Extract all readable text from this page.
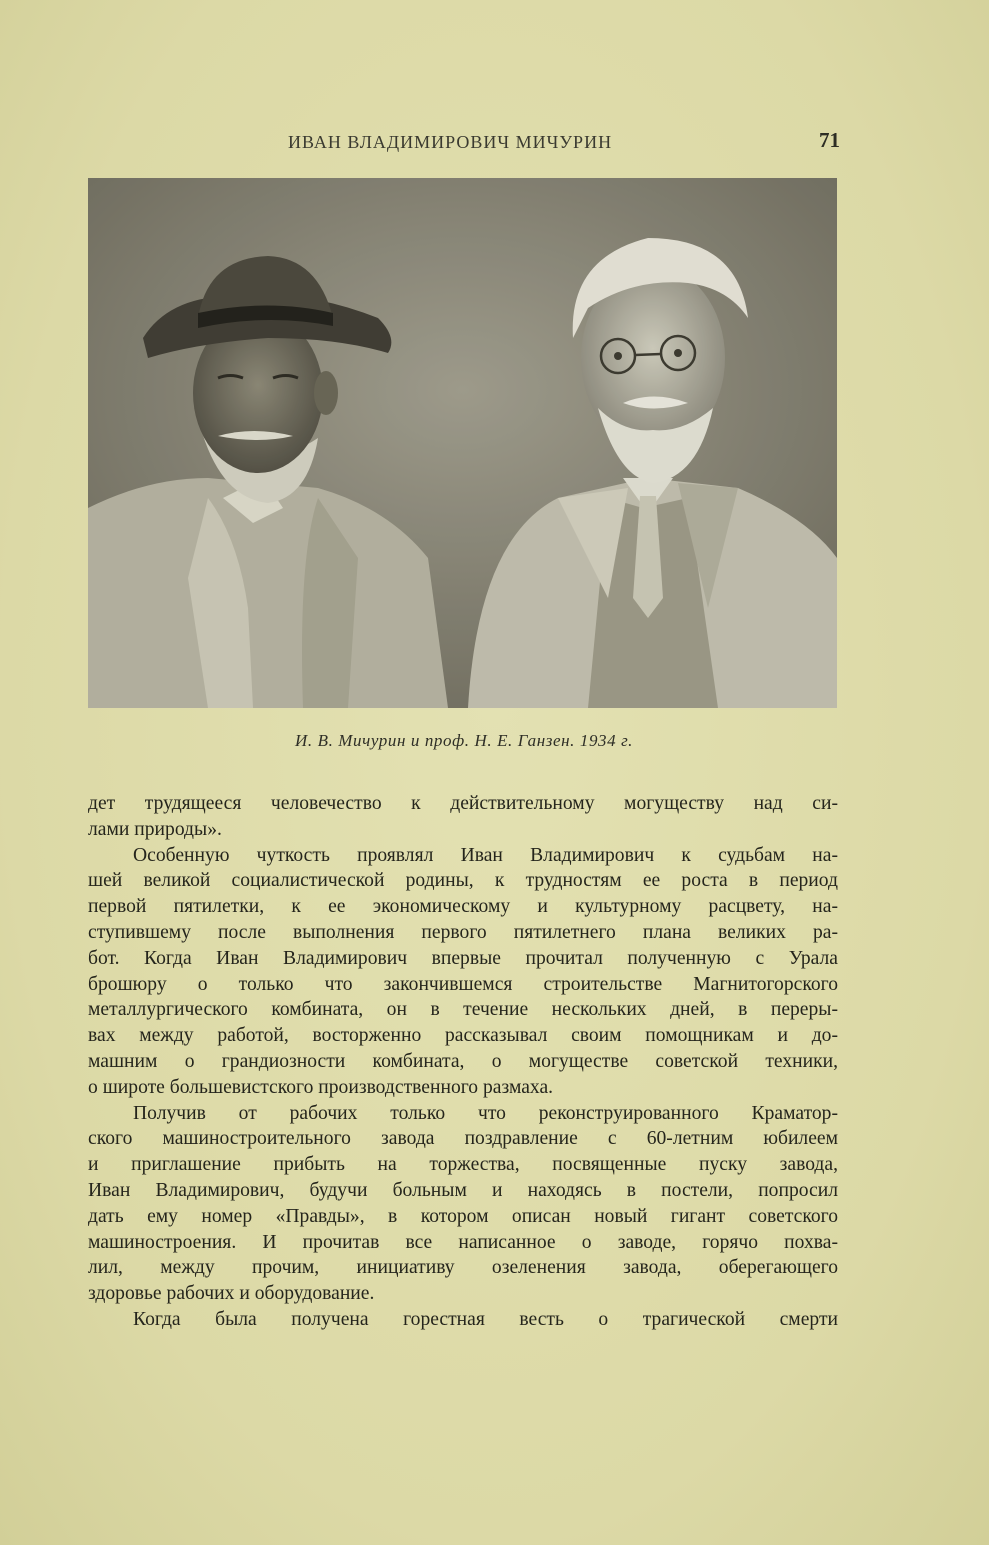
ИВАН ВЛАДИМИРОВИЧ МИЧУРИН	71
И. В. Мичурин и проф. Н. Е. Ганзен. 1934 г.

дет трудящееся человечество к действительному могуществу над си-

лами природы».

Особенную чуткость проявлял Иван Владимирович к судьбам на-

шей великой социалистической родины, к трудностям ее роста в период

первой пятилетки, к ее экономическому и культурному расцвету, на-

ступившему после выполнения первого пятилетнего плана великих ра-

бот. Когда Иван Владимирович впервые прочитал полученную с Урала

брошюру о только что закончившемся строительстве Магнитогорского

металлургического комбината, он в течение нескольких дней, в переры-

вах между работой, восторженно рассказывал своим помощникам и до-

машним о грандиозности комбината, о могуществе советской техники,

о широте большевистского производственного размаха.

Получив от рабочих только что реконструированного Краматор-

ского машиностроительного завода поздравление с 60-летним юбилеем

и приглашение прибыть на торжества, посвященные пуску завода,

Иван Владимирович, будучи больным и находясь в постели, попросил

дать ему номер «Правды», в котором описан новый гигант советского

машиностроения. И прочитав все написанное о заводе, горячо похва-

лил, между прочим, инициативу озеленения завода, оберегающего

здоровье рабочих и оборудование.

Когда была получена горестная весть о трагической смерти
